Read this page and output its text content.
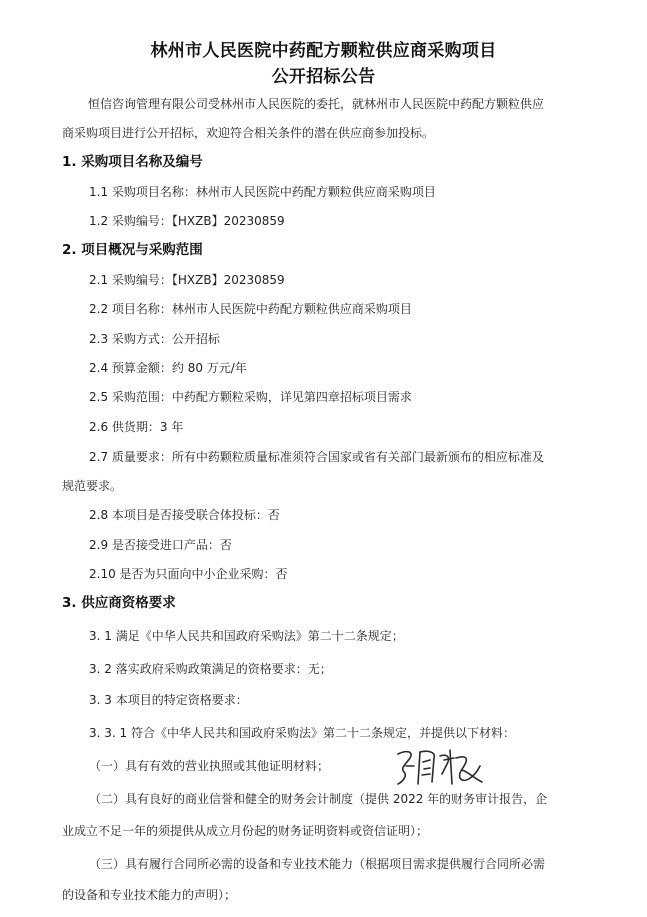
林州市人民医院中药配方颗粒供应商采购项目
公开招标公告
恒信咨询管理有限公司受林州市人民医院的委托，就林州市人民医院中药配方颗粒供应
商采购项目进行公开招标，欢迎符合相关条件的潜在供应商参加投标。
1. 采购项目名称及编号
1.1 采购项目名称：林州市人民医院中药配方颗粒供应商采购项目
1.2 采购编号：【HXZB】20230859
2. 项目概况与采购范围
2.1 采购编号：【HXZB】20230859
2.2 项目名称：林州市人民医院中药配方颗粒供应商采购项目
2.3 采购方式：公开招标
2.4 预算金额：约 80 万元/年
2.5 采购范围：中药配方颗粒采购，详见第四章招标项目需求
2.6 供货期：3 年
2.7 质量要求：所有中药颗粒质量标准须符合国家或省有关部门最新颁布的相应标准及
规范要求。
2.8 本项目是否接受联合体投标：否
2.9 是否接受进口产品：否
2.10 是否为只面向中小企业采购：否
3. 供应商资格要求
3. 1 满足《中华人民共和国政府采购法》第二十二条规定；
3. 2 落实政府采购政策满足的资格要求：无；
3. 3 本项目的特定资格要求：
3. 3. 1 符合《中华人民共和国政府采购法》第二十二条规定，并提供以下材料：
（一）具有有效的营业执照或其他证明材料；
（二）具有良好的商业信誉和健全的财务会计制度（提供 2022 年的财务审计报告，企
业成立不足一年的须提供从成立月份起的财务证明资料或资信证明）；
（三）具有履行合同所必需的设备和专业技术能力（根据项目需求提供履行合同所必需
的设备和专业技术能力的声明）；
